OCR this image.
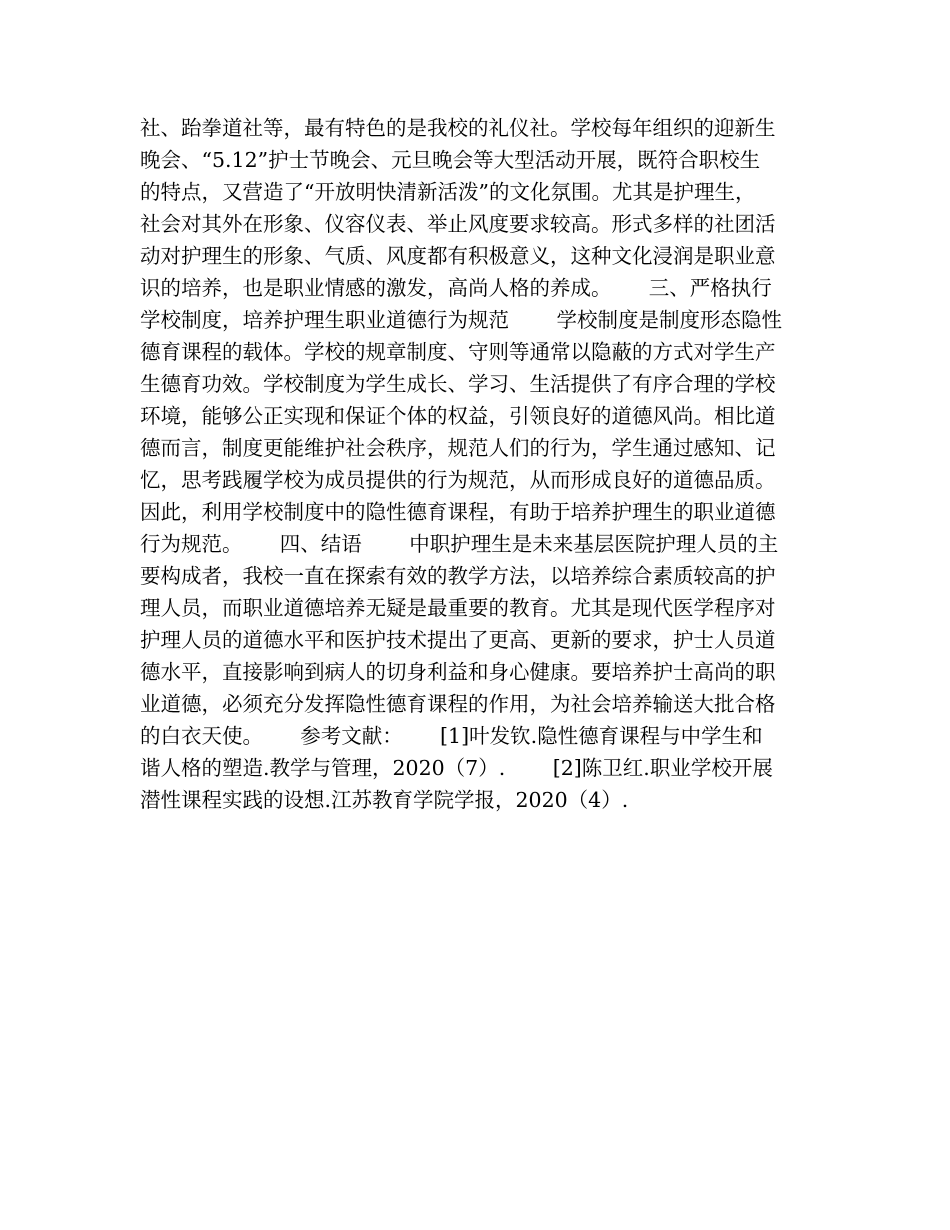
社、跆拳道社等，最有特色的是我校的礼仪社。学校每年组织的迎新生
晚会、“5.12”护士节晚会、元旦晚会等大型活动开展，既符合职校生
的特点，又营造了“开放明快清新活泼”的文化氛围。尤其是护理生，
社会对其外在形象、仪容仪表、举止风度要求较高。形式多样的社团活
动对护理生的形象、气质、风度都有积极意义，这种文化浸润是职业意
识的培养，也是职业情感的激发，高尚人格的养成。　　 三、严格执行
学校制度，培养护理生职业道德行为规范　　 学校制度是制度形态隐性
德育课程的载体。学校的规章制度、守则等通常以隐蔽的方式对学生产
生德育功效。学校制度为学生成长、学习、生活提供了有序合理的学校
环境，能够公正实现和保证个体的权益，引领良好的道德风尚。相比道
德而言，制度更能维护社会秩序，规范人们的行为，学生通过感知、记
忆，思考践履学校为成员提供的行为规范，从而形成良好的道德品质。
因此，利用学校制度中的隐性德育课程，有助于培养护理生的职业道德
行为规范。　　 四、结语　　 中职护理生是未来基层医院护理人员的主
要构成者，我校一直在探索有效的教学方法，以培养综合素质较高的护
理人员，而职业道德培养无疑是最重要的教育。尤其是现代医学程序对
护理人员的道德水平和医护技术提出了更高、更新的要求，护士人员道
德水平，直接影响到病人的切身利益和身心健康。要培养护士高尚的职
业道德，必须充分发挥隐性德育课程的作用，为社会培养输送大批合格
的白衣天使。　　 参考文献：　　 [1]叶发钦.隐性德育课程与中学生和
谐人格的塑造.教学与管理，2020（7）.　　 [2]陈卫红.职业学校开展
潜性课程实践的设想.江苏教育学院学报，2020（4）.
